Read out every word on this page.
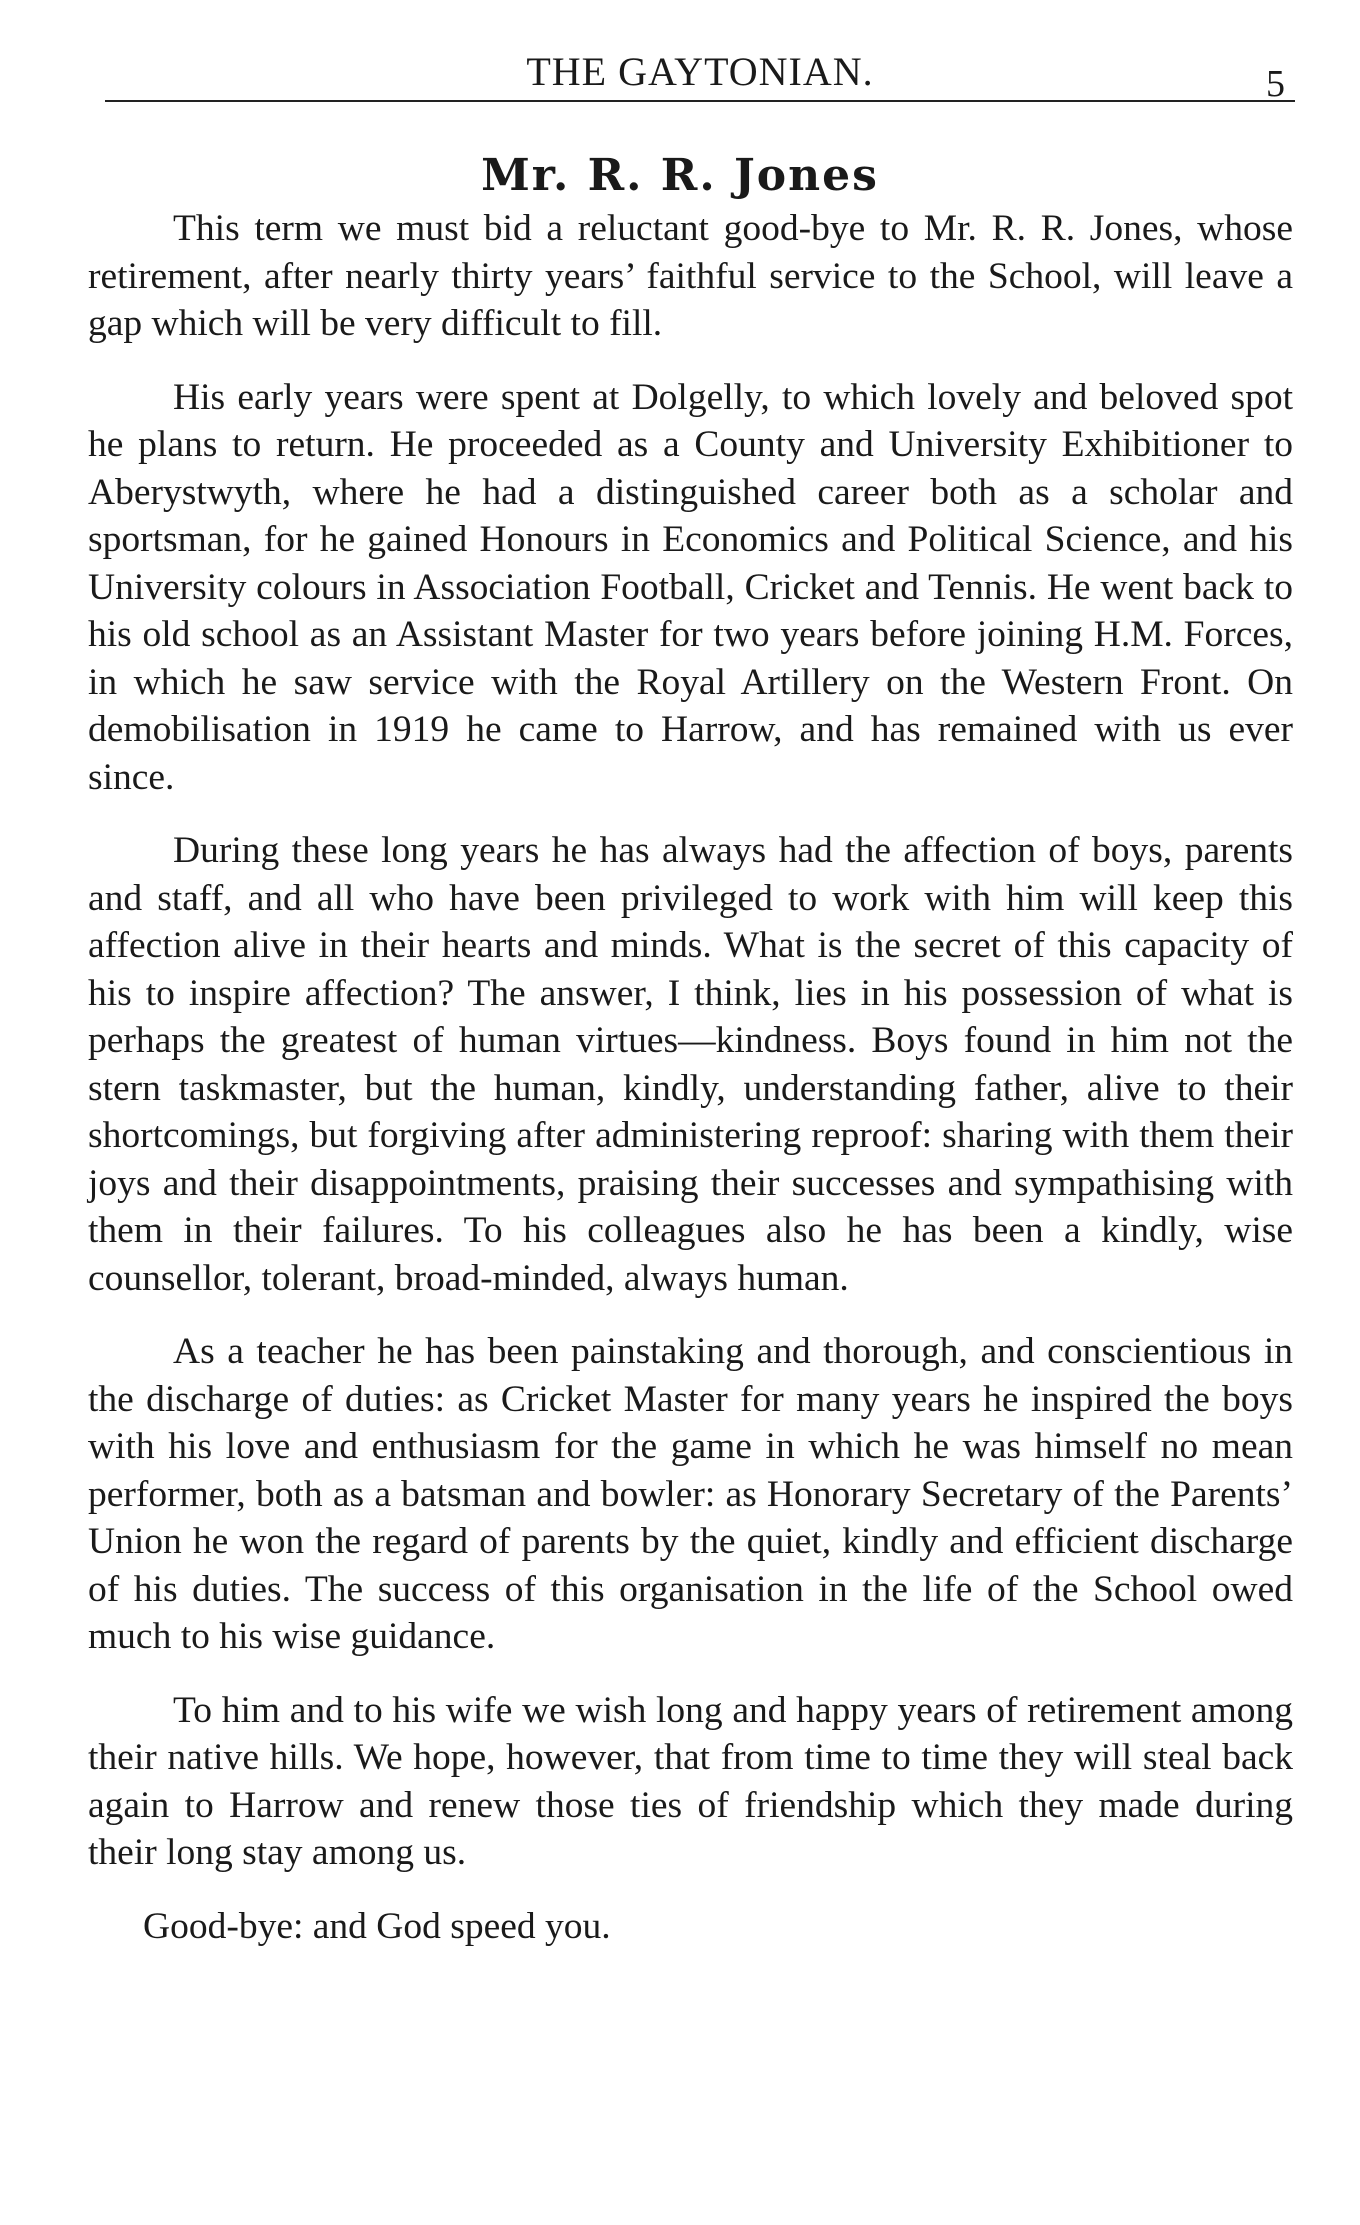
THE GAYTONIAN.	5
Mr. R. R. Jones

This term we must bid a reluctant good-bye to Mr. R. R. Jones, whose retirement, after nearly thirty years’ faithful service to the School, will leave a gap which will be very difficult to fill.

His early years were spent at Dolgelly, to which lovely and beloved spot he plans to return. He proceeded as a County and University Exhibitioner to Aberystwyth, where he had a distinguished career both as a scholar and sportsman, for he gained Honours in Economics and Political Science, and his University colours in Association Football, Cricket and Tennis. He went back to his old school as an Assistant Master for two years before joining H.M. Forces, in which he saw service with the Royal Artillery on the Western Front. On demobilisation in 1919 he came to Harrow, and has remained with us ever since.

During these long years he has always had the affection of boys, parents and staff, and all who have been privileged to work with him will keep this affection alive in their hearts and minds. What is the secret of this capacity of his to inspire affection? The answer, I think, lies in his possession of what is perhaps the greatest of human virtues—kindness. Boys found in him not the stern taskmaster, but the human, kindly, understanding father, alive to their shortcomings, but forgiving after administering reproof: sharing with them their joys and their disappointments, praising their successes and sympathising with them in their failures. To his colleagues also he has been a kindly, wise counsellor, tolerant, broad-minded, always human.

As a teacher he has been painstaking and thorough, and conscientious in the discharge of duties: as Cricket Master for many years he inspired the boys with his love and enthusiasm for the game in which he was himself no mean performer, both as a batsman and bowler: as Honorary Secretary of the Parents’ Union he won the regard of parents by the quiet, kindly and efficient discharge of his duties. The success of this organisation in the life of the School owed much to his wise guidance.

To him and to his wife we wish long and happy years of retirement among their native hills. We hope, however, that from time to time they will steal back again to Harrow and renew those ties of friendship which they made during their long stay among us.

Good-bye: and God speed you.
